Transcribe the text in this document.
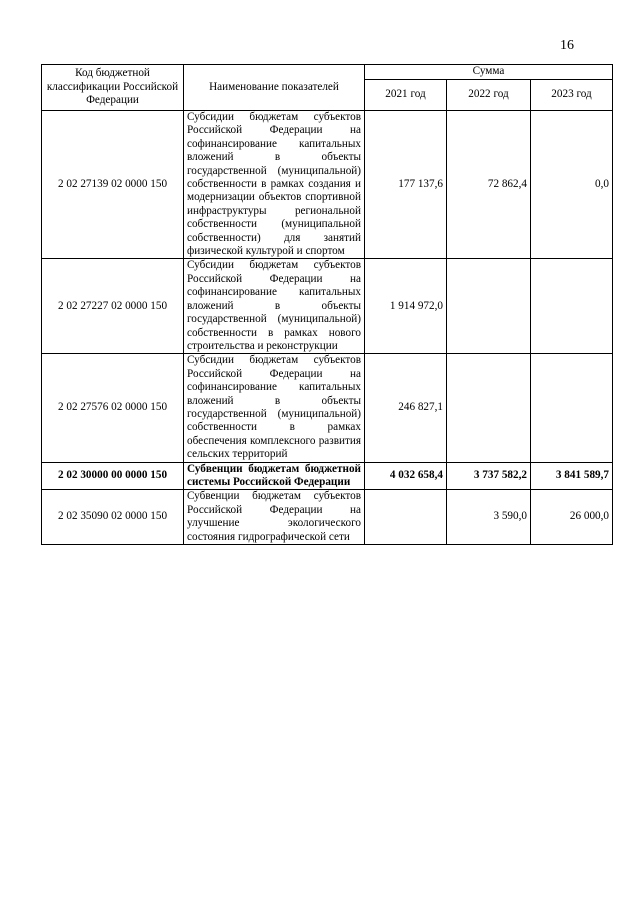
16
Код бюджетной классификации Российской Федерации	Наименование показателей	Сумма		
		2021 год	2022 год	2023 год
2 02 27139 02 0000 150	Субсидии бюджетам субъектов Российской Федерации на софинансирование капитальных вложений в объекты государственной (муниципальной) собственности в рамках создания и модернизации объектов спортивной инфраструктуры региональной собственности (муниципальной собственности) для занятий физической культурой и спортом	177 137,6	72 862,4	0,0
2 02 27227 02 0000 150	Субсидии бюджетам субъектов Российской Федерации на софинансирование капитальных вложений в объекты государственной (муниципальной) собственности в рамках нового строительства и реконструкции	1 914 972,0		
2 02 27576 02 0000 150	Субсидии бюджетам субъектов Российской Федерации на софинансирование капитальных вложений в объекты государственной (муниципальной) собственности в рамках обеспечения комплексного развития сельских территорий	246 827,1		
2 02 30000 00 0000 150	Субвенции бюджетам бюджетной системы Российской Федерации	4 032 658,4	3 737 582,2	3 841 589,7
2 02 35090 02 0000 150	Субвенции бюджетам субъектов Российской Федерации на улучшение экологического состояния гидрографической сети		3 590,0	26 000,0
